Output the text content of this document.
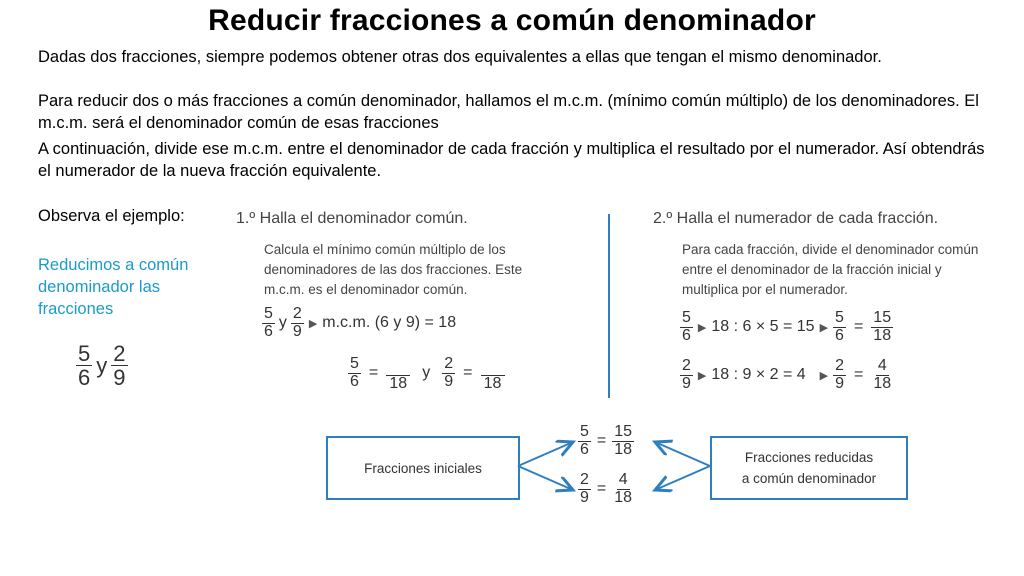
Reducir fracciones a común denominador
Dadas dos fracciones, siempre podemos obtener otras dos equivalentes a ellas que tengan el mismo denominador.
Para reducir dos o más fracciones a común denominador, hallamos el m.c.m. (mínimo común múltiplo) de los denominadores. El m.c.m. será el denominador común de esas fracciones
A continuación, divide ese m.c.m. entre el denominador de cada fracción y multiplica el resultado por el numerador. Así obtendrás el numerador de la nueva fracción equivalente.
Observa el ejemplo:
Reducimos a común denominador las fracciones
$\frac{5}{6}$ y $\frac{2}{9}$
1.º Halla el denominador común.
Calcula el mínimo común múltiplo de los denominadores de las dos fracciones. Este m.c.m. es el denominador común.
$\frac{5}{6}$ y $\frac{2}{9}$ ▶ m.c.m. (6 y 9) = 18
$\frac{5}{6}$ =
18
y $\frac{2}{9}$ =
18
2.º Halla el numerador de cada fracción.
Para cada fracción, divide el denominador común entre el denominador de la fracción inicial y multiplica por el numerador.
$\frac{5}{6}$ ▶ 18 : 6 × 5 = 15 ▶ $\frac{5}{6} = \frac{15}{18}$
$\frac{2}{9}$ ▶ 18 : 9 × 2 = 4 ▶ $\frac{2}{9} = \frac{4}{18}$
Fracciones iniciales
Fracciones reducidas
a común denominador
$\frac{5}{6} = \frac{15}{18}$
$\frac{2}{9} = \frac{4}{18}$
